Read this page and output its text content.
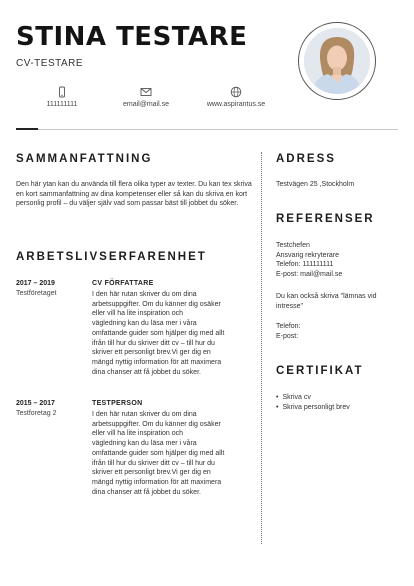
STINA TESTARE
CV-TESTARE
111111111	email@mail.se	www.aspirantus.se
SAMMANFATTNING

Den här ytan kan du använda till flera olika typer av texter. Du kan tex skriva en kort sammanfattning av dina kompetenser eller så kan du skriva en kort personlig profil – du väljer själv vad som passar bäst till jobbet du söker.

ARBETSLIVSERFARENHET
2017 – 2019
Testföretaget
CV FÖRFATTARE
I den här rutan skriver du om dina
arbetsuppgifter. Om du känner dig osäker
eller vill ha lite inspiration och
vägledning kan du läsa mer i våra
omfattande guider som hjälper dig med allt
ifrån till hur du skriver ditt cv – till hur du
skriver ett personligt brev.Vi ger dig en
mängd nyttig information för att maximera
dina chanser att få jobbet du söker.
2015 – 2017
Testforetag 2
TESTPERSON
I den här rutan skriver du om dina
arbetsuppgifter. Om du känner dig osäker
eller vill ha lite inspiration och
vägledning kan du läsa mer i våra
omfattande guider som hjälper dig med allt
ifrån till hur du skriver ditt cv – till hur du
skriver ett personligt brev.Vi ger dig en
mängd nyttig information för att maximera
dina chanser att få jobbet du söker.
ADRESS

Testvägen 25 ,Stockholm

REFERENSER
Testchefen
Ansvarig rekryterare
Telefon: 111111111
E-post: mail@mail.se
Du kan också skriva "lämnas vid
intresse"
Telefon:
E-post:
CERTIFIKAT
• Skriva cv
• Skriva personligt brev
